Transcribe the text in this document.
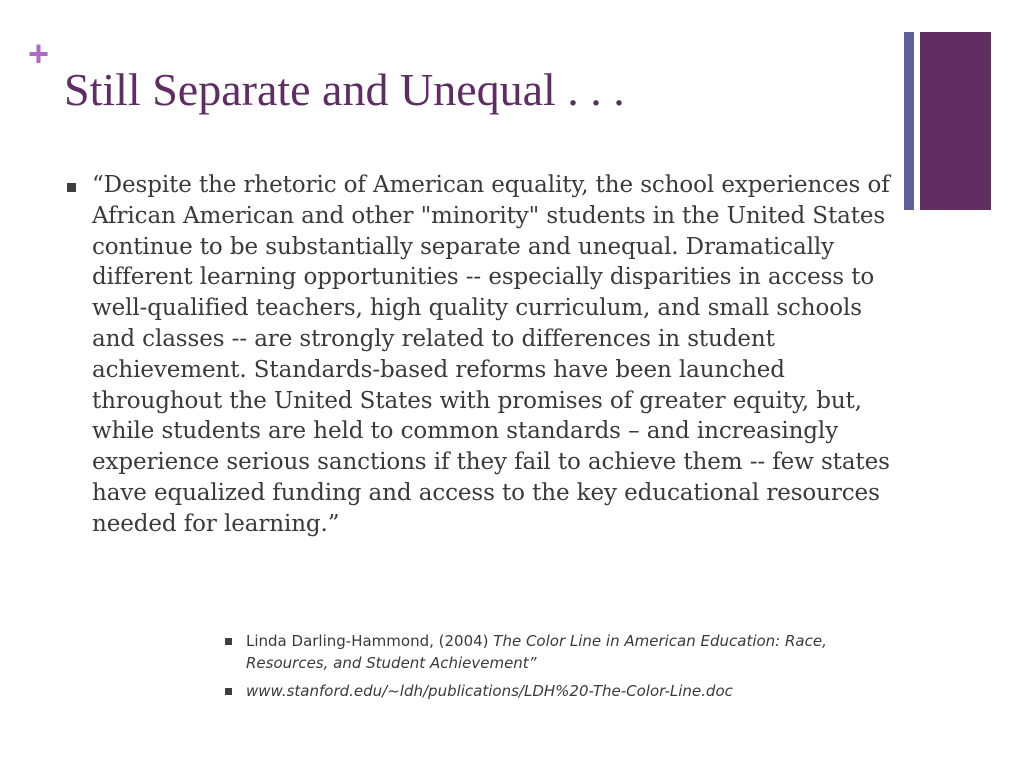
+
Still Separate and Unequal . . .

“Despite the rhetoric of American equality, the school experiences of African American and other "minority" students in the United States continue to be substantially separate and unequal. Dramatically different learning opportunities -- especially disparities in access to well-qualified teachers, high quality curriculum, and small schools and classes -- are strongly related to differences in student achievement. Standards-based reforms have been launched throughout the United States with promises of greater equity, but, while students are held to common standards – and increasingly experience serious sanctions if they fail to achieve them -- few states have equalized funding and access to the key educational resources needed for learning.”

Linda Darling-Hammond, (2004) The Color Line in American Education: Race, Resources, and Student Achievement”
www.stanford.edu/~ldh/publications/LDH%20-The-Color-Line.doc
